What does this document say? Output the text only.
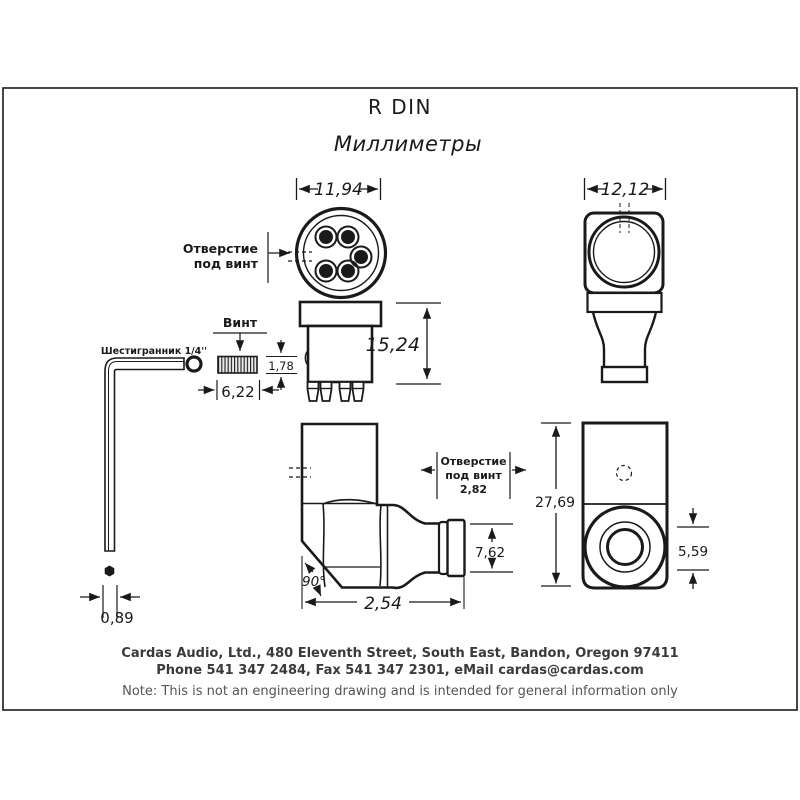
R DIN
Миллиметры
11,94	12,12
Отверстие
под винт
15,24
Винт
Шестигранник 1/4''
1,78
6,22
0,89
90°
2,54
Отверстие
под винт
2,82
7,62
27,69
5,59
Cardas Audio, Ltd., 480 Eleventh Street, South East, Bandon, Oregon 97411
Phone 541 347 2484, Fax 541 347 2301, eMail cardas@cardas.com
Note: This is not an engineering drawing and is intended for general information only
